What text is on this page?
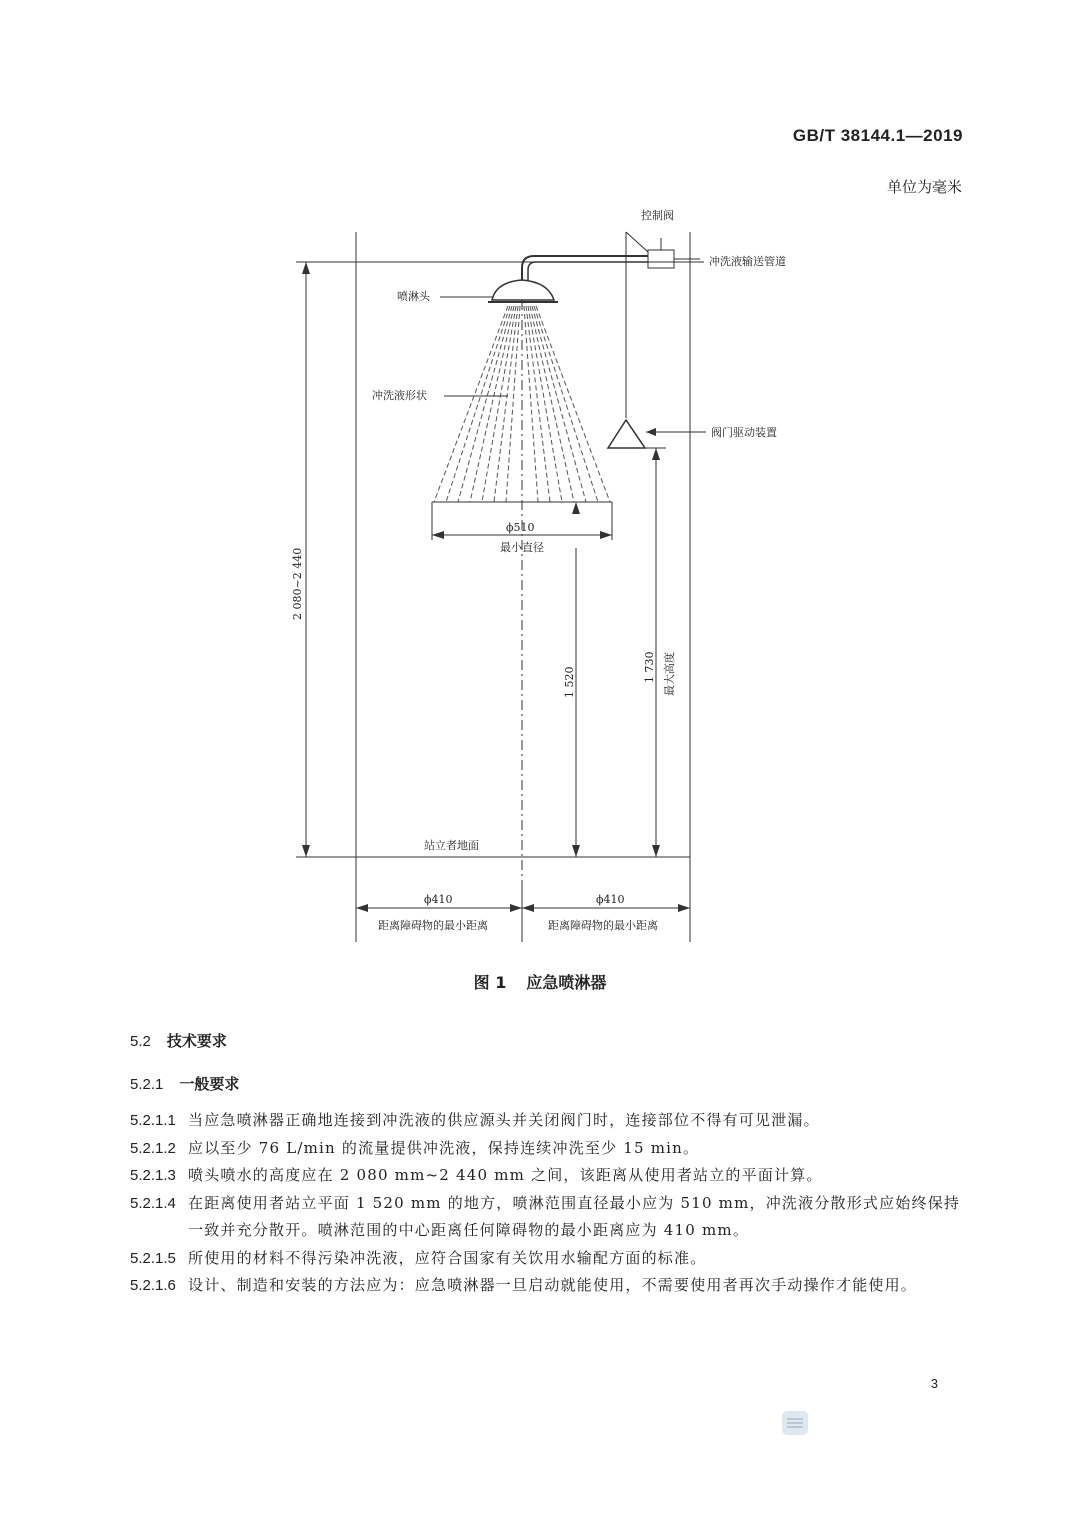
GB/T 38144.1—2019
单位为毫米
控制阀
冲洗液输送管道
喷淋头
冲洗液形状
阀门驱动装置
ϕ510
最小直径
站立者地面
2 080~2 440
1 520	1 730 最大高度
ϕ410
距离障碍物的最小距离
ϕ410
距离障碍物的最小距离
图 1 应急喷淋器
5.2 技术要求
5.2.1 一般要求
5.2.1.1 当应急喷淋器正确地连接到冲洗液的供应源头并关闭阀门时，连接部位不得有可见泄漏。
5.2.1.2 应以至少 76 L/min 的流量提供冲洗液，保持连续冲洗至少 15 min。
5.2.1.3 喷头喷水的高度应在 2 080 mm~2 440 mm 之间，该距离从使用者站立的平面计算。
5.2.1.4 在距离使用者站立平面 1 520 mm 的地方，喷淋范围直径最小应为 510 mm，冲洗液分散形式应始终保持一致并充分散开。喷淋范围的中心距离任何障碍物的最小距离应为 410 mm。
5.2.1.5 所使用的材料不得污染冲洗液，应符合国家有关饮用水输配方面的标准。
5.2.1.6 设计、制造和安装的方法应为：应急喷淋器一旦启动就能使用，不需要使用者再次手动操作才能使用。
3
